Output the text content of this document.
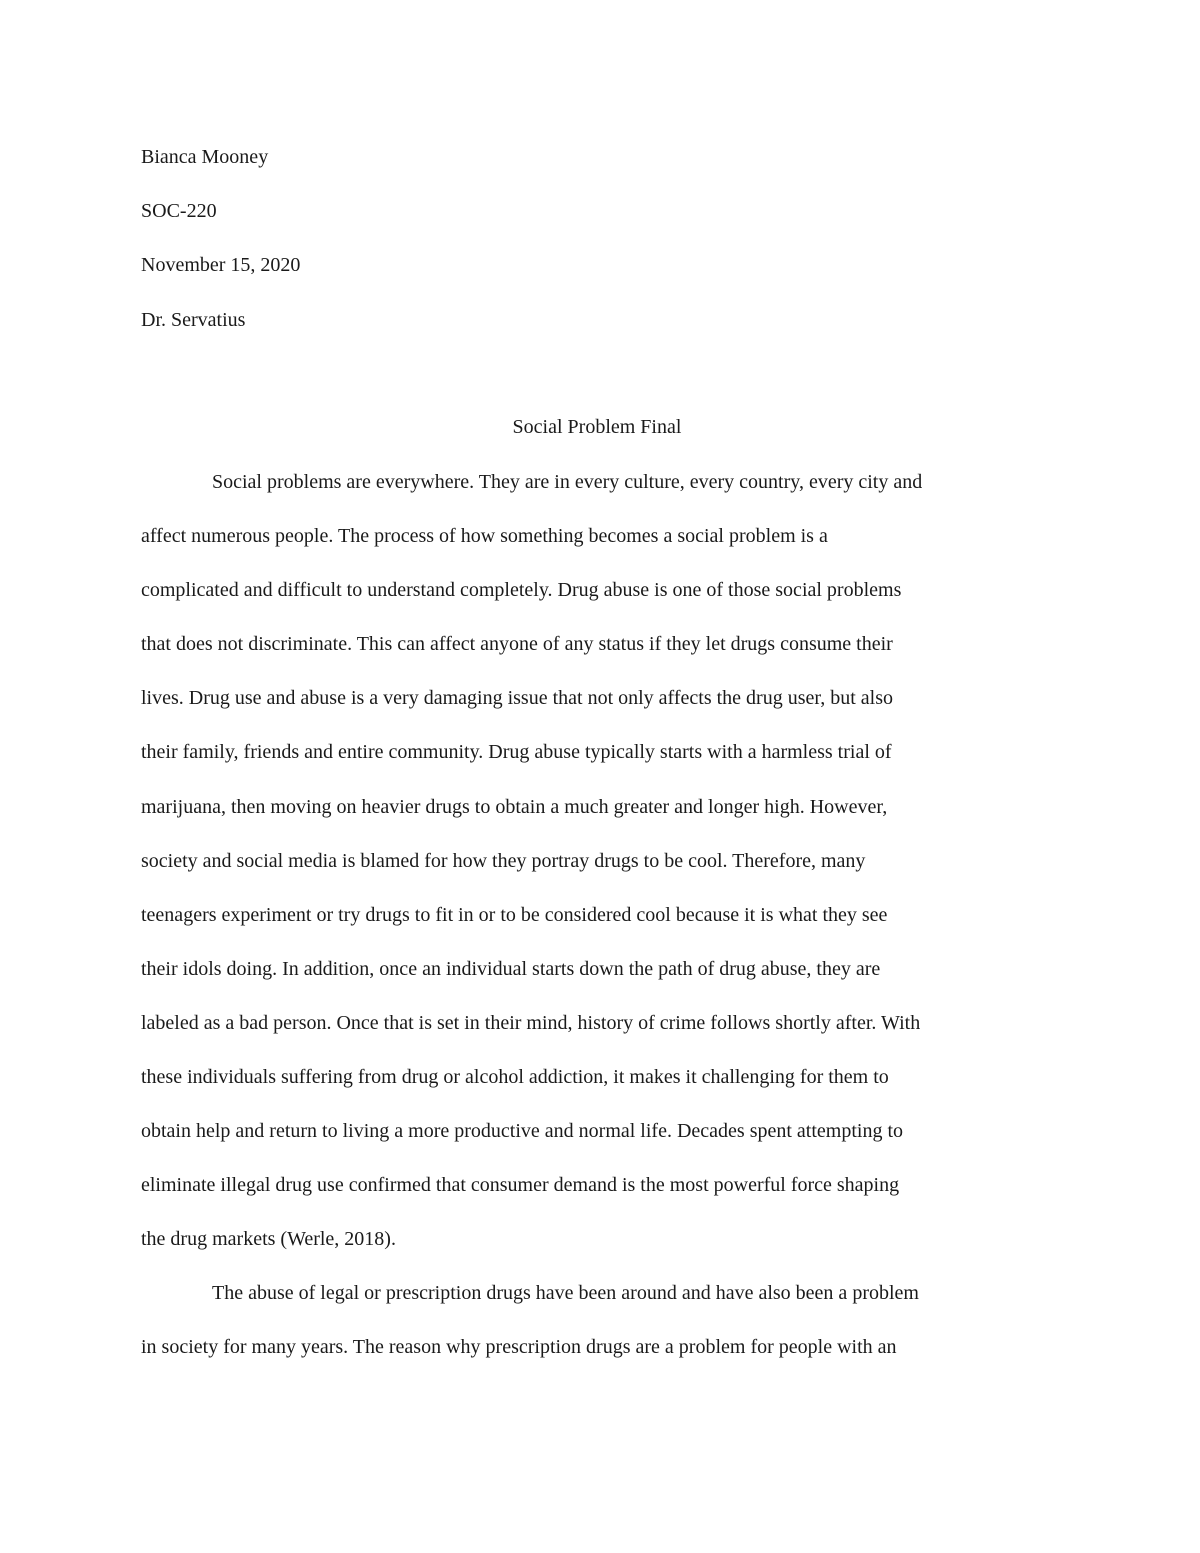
Bianca Mooney
SOC-220
November 15, 2020
Dr. Servatius
Social Problem Final
Social problems are everywhere. They are in every culture, every country, every city and
affect numerous people. The process of how something becomes a social problem is a
complicated and difficult to understand completely. Drug abuse is one of those social problems
that does not discriminate. This can affect anyone of any status if they let drugs consume their
lives. Drug use and abuse is a very damaging issue that not only affects the drug user, but also
their family, friends and entire community. Drug abuse typically starts with a harmless trial of
marijuana, then moving on heavier drugs to obtain a much greater and longer high. However,
society and social media is blamed for how they portray drugs to be cool. Therefore, many
teenagers experiment or try drugs to fit in or to be considered cool because it is what they see
their idols doing. In addition, once an individual starts down the path of drug abuse, they are
labeled as a bad person. Once that is set in their mind, history of crime follows shortly after. With
these individuals suffering from drug or alcohol addiction, it makes it challenging for them to
obtain help and return to living a more productive and normal life. Decades spent attempting to
eliminate illegal drug use confirmed that consumer demand is the most powerful force shaping
the drug markets (Werle, 2018).
The abuse of legal or prescription drugs have been around and have also been a problem
in society for many years. The reason why prescription drugs are a problem for people with an
